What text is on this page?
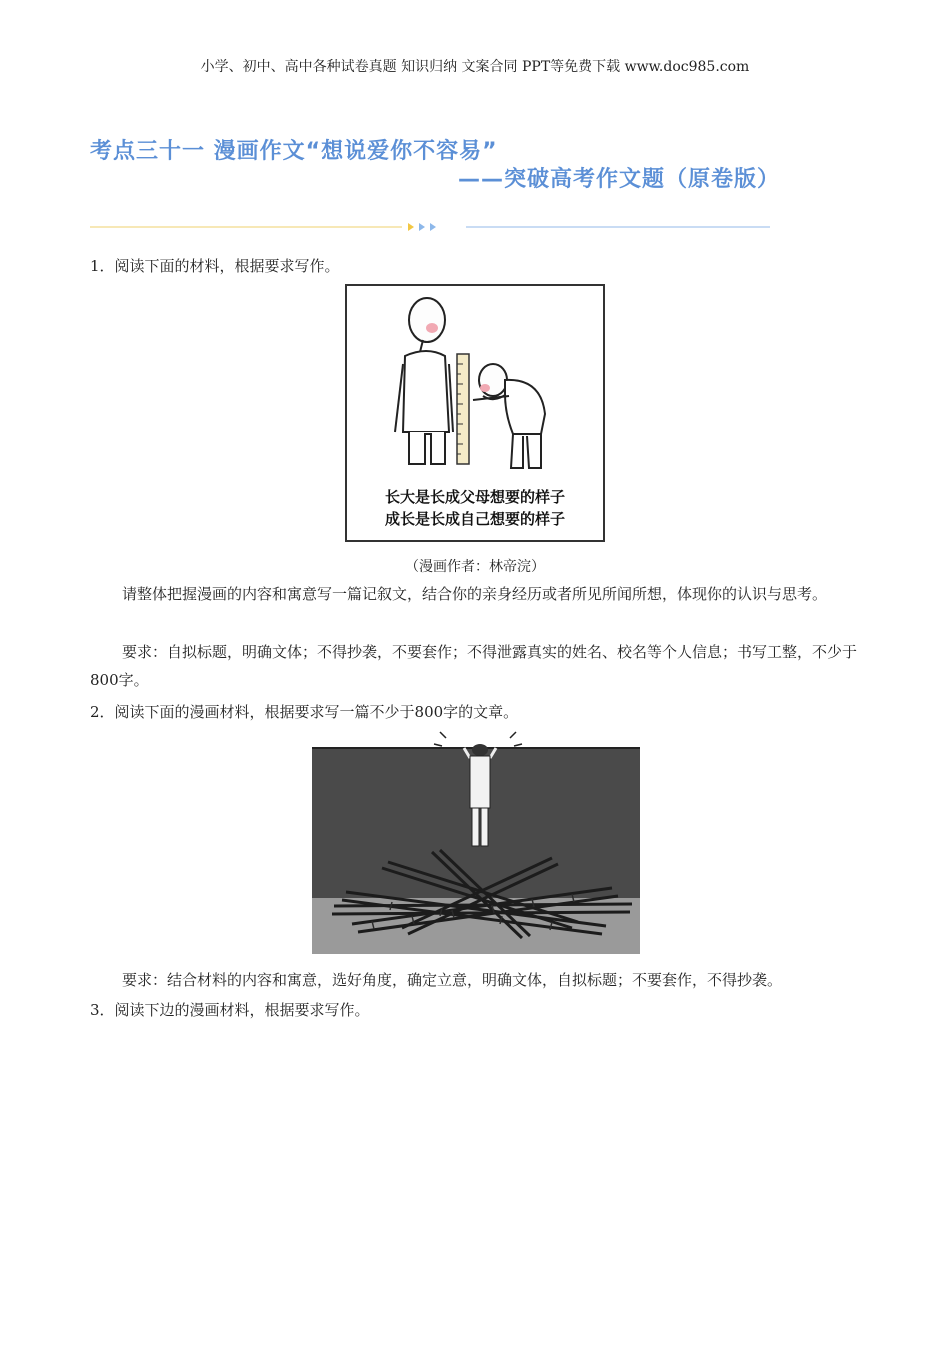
小学、初中、高中各种试卷真题 知识归纳 文案合同 PPT等免费下载 www.doc985.com
考点三十一 漫画作文“想说爱你不容易”
——突破高考作文题（原卷版）
1．阅读下面的材料，根据要求写作。
长大是长成父母想要的样子
成长是长成自己想要的样子
（漫画作者：林帝浣）
请整体把握漫画的内容和寓意写一篇记叙文，结合你的亲身经历或者所见所闻所想，体现你的认识与思考。
要求：自拟标题，明确文体；不得抄袭，不要套作；不得泄露真实的姓名、校名等个人信息；书写工整，不少于800字。
2．阅读下面的漫画材料，根据要求写一篇不少于800字的文章。
要求：结合材料的内容和寓意，选好角度，确定立意，明确文体，自拟标题；不要套作，不得抄袭。
3．阅读下边的漫画材料，根据要求写作。
